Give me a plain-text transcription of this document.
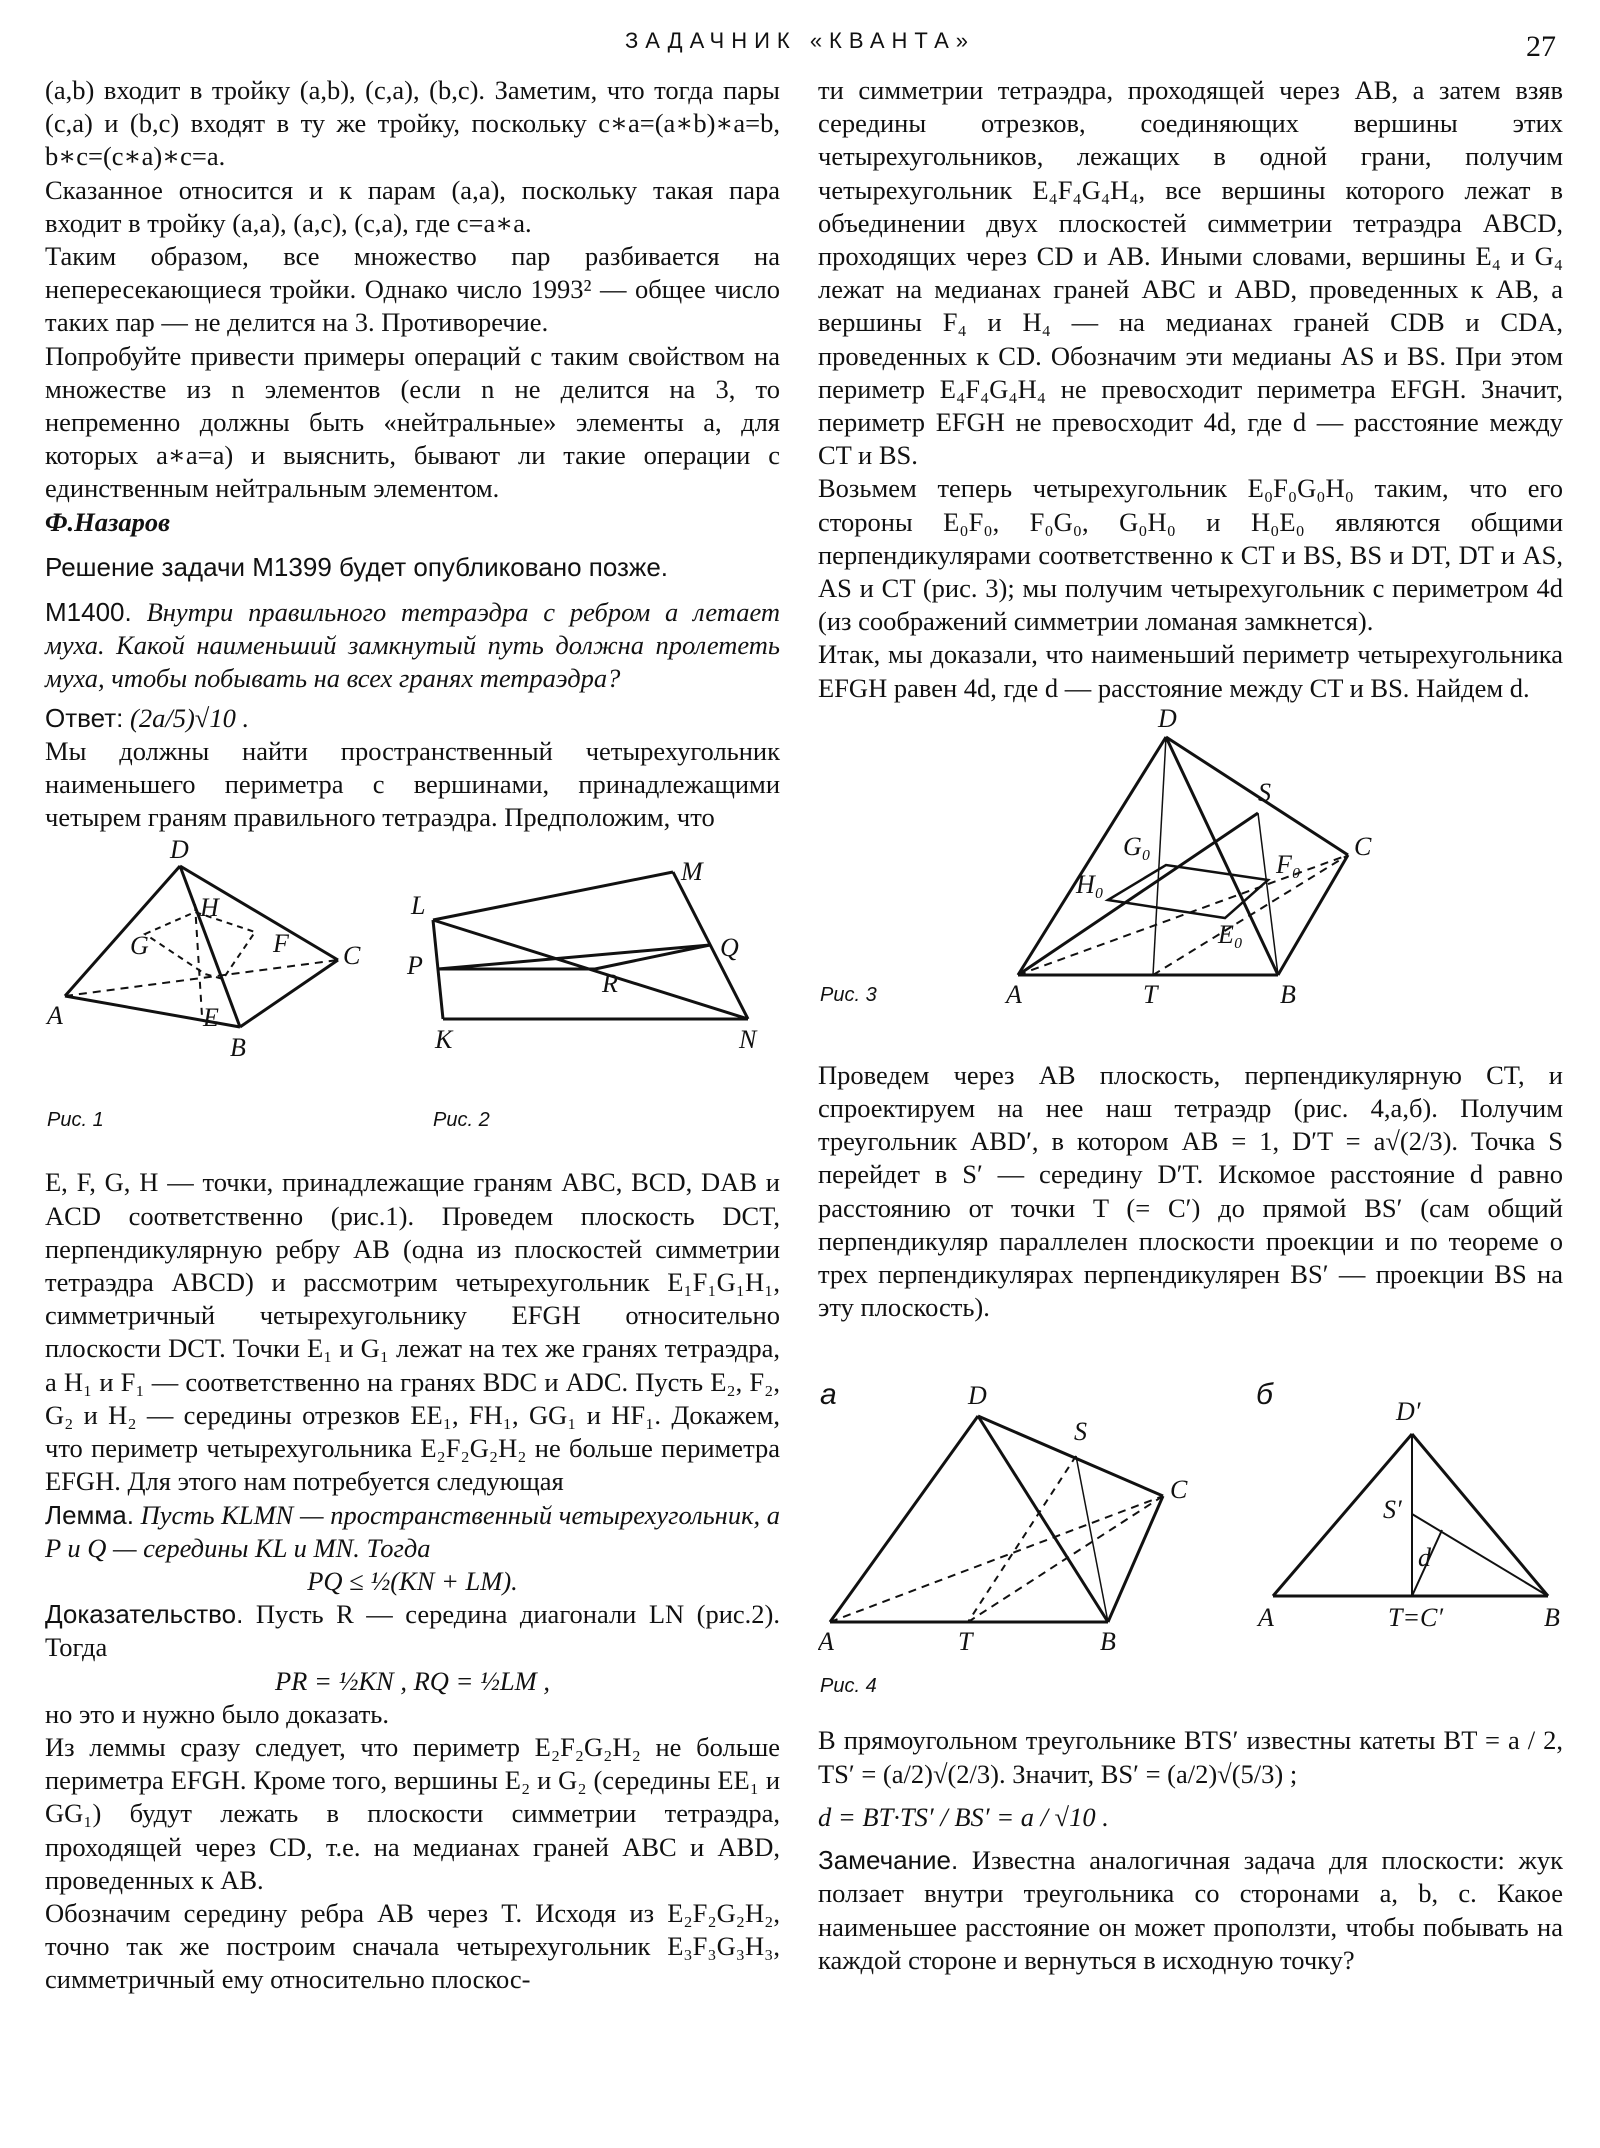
ЗАДАЧНИК «КВАНТА»	27

(a,b) входит в тройку (a,b), (c,a), (b,c). Заметим, что тогда пары (c,a) и (b,c) входят в ту же тройку, поскольку c∗a=(a∗b)∗a=b, b∗c=(c∗a)∗c=a.

Сказанное относится и к парам (a,a), поскольку такая пара входит в тройку (a,a), (a,c), (c,a), где c=a∗a.

Таким образом, все множество пар разбивается на непересекающиеся тройки. Однако число 1993² — общее число таких пар — не делится на 3. Противоречие.

Попробуйте привести примеры операций с таким свойством на множестве из n элементов (если n не делится на 3, то непременно должны быть «нейтральные» элементы a, для которых a∗a=a) и выяснить, бывают ли такие операции с единственным нейтральным элементом.

Ф.Назаров

Решение задачи М1399 будет опубликовано позже.

М1400. Внутри правильного тетраэдра с ребром a летает муха. Какой наименьший замкнутый путь должна пролететь муха, чтобы побывать на всех гранях тетраэдра?

Ответ: (2a/5)√10 .

Мы должны найти пространственный четырехугольник наименьшего периметра с вершинами, принадлежащими четырем граням правильного тетраэдра. Предположим, что

D
H
G	F C
A	E
B
M
L
Q
P
R
K	N
Рис. 1	Рис. 2

E, F, G, H — точки, принадлежащие граням ABC, BCD, DAB и ACD соответственно (рис.1). Проведем плоскость DCT, перпендикулярную ребру AB (одна из плоскостей симметрии тетраэдра ABCD) и рассмотрим четырехугольник E₁F₁G₁H₁, симметричный четырехугольнику EFGH относительно плоскости DCT. Точки E₁ и G₁ лежат на тех же гранях тетраэдра, а H₁ и F₁ — соответственно на гранях BDC и ADC. Пусть E₂, F₂, G₂ и H₂ — середины отрезков EE₁, FH₁, GG₁ и HF₁. Докажем, что периметр четырехугольника E₂F₂G₂H₂ не больше периметра EFGH. Для этого нам потребуется следующая

Лемма. Пусть KLMN — пространственный четырехугольник, а P и Q — середины KL и MN. Тогда

PQ ≤ ½(KN + LM).

Доказательство. Пусть R — середина диагонали LN (рис.2). Тогда

PR = ½KN , RQ = ½LM ,

но это и нужно было доказать.

Из леммы сразу следует, что периметр E₂F₂G₂H₂ не больше периметра EFGH. Кроме того, вершины E₂ и G₂ (середины EE₁ и GG₁) будут лежать в плоскости симметрии тетраэдра, проходящей через CD, т.е. на медианах граней ABC и ABD, проведенных к AB.

Обозначим середину ребра AB через T. Исходя из E₂F₂G₂H₂, точно так же построим сначала четырехугольник E₃F₃G₃H₃, симметричный ему относительно плоскос-

ти симметрии тетраэдра, проходящей через AB, а затем взяв середины отрезков, соединяющих вершины этих четырехугольников, лежащих в одной грани, получим четырехугольник E₄F₄G₄H₄, все вершины которого лежат в объединении двух плоскостей симметрии тетраэдра ABCD, проходящих через CD и AB. Иными словами, вершины E₄ и G₄ лежат на медианах граней ABC и ABD, проведенных к AB, а вершины F₄ и H₄ — на медианах граней CDB и CDA, проведенных к CD. Обозначим эти медианы AS и BS. При этом периметр E₄F₄G₄H₄ не превосходит периметра EFGH. Значит, периметр EFGH не превосходит 4d, где d — расстояние между CT и BS.

Возьмем теперь четырехугольник E₀F₀G₀H₀ таким, что его стороны E₀F₀, F₀G₀, G₀H₀ и H₀E₀ являются общими перпендикулярами соответственно к CT и BS, BS и DT, DT и AS, AS и CT (рис. 3); мы получим четырехугольник с периметром 4d (из соображений симметрии ломаная замкнется).

Итак, мы доказали, что наименьший периметр четырехугольника EFGH равен 4d, где d — расстояние между CT и BS. Найдем d.

D
S
G₀	C
F₀
H₀
E₀
A	T	B
Рис. 3

Проведем через AB плоскость, перпендикулярную CT, и спроектируем на нее наш тетраэдр (рис. 4,а,б). Получим треугольник ABD′, в котором AB = 1, D′T = a√(2/3). Точка S перейдет в S′ — середину D′T. Искомое расстояние d равно расстоянию от точки T (= C′) до прямой BS′ (сам общий перпендикуляр параллелен плоскости проекции и по теореме о трех перпендикулярах перпендикулярен BS′ — проекции BS на эту плоскость).

а	б
D
S
C
A	T	B
Рис. 4
D′
S′
d
A	T=C′	B

В прямоугольном треугольнике BTS′ известны катеты BT = a / 2, TS′ = (a/2)√(2/3). Значит, BS′ = (a/2)√(5/3) ;

d = BT·TS′ / BS′ = a / √10 .

Замечание. Известна аналогичная задача для плоскости: жук ползает внутри треугольника со сторонами a, b, c. Какое наименьшее расстояние он может проползти, чтобы побывать на каждой стороне и вернуться в исходную точку?
